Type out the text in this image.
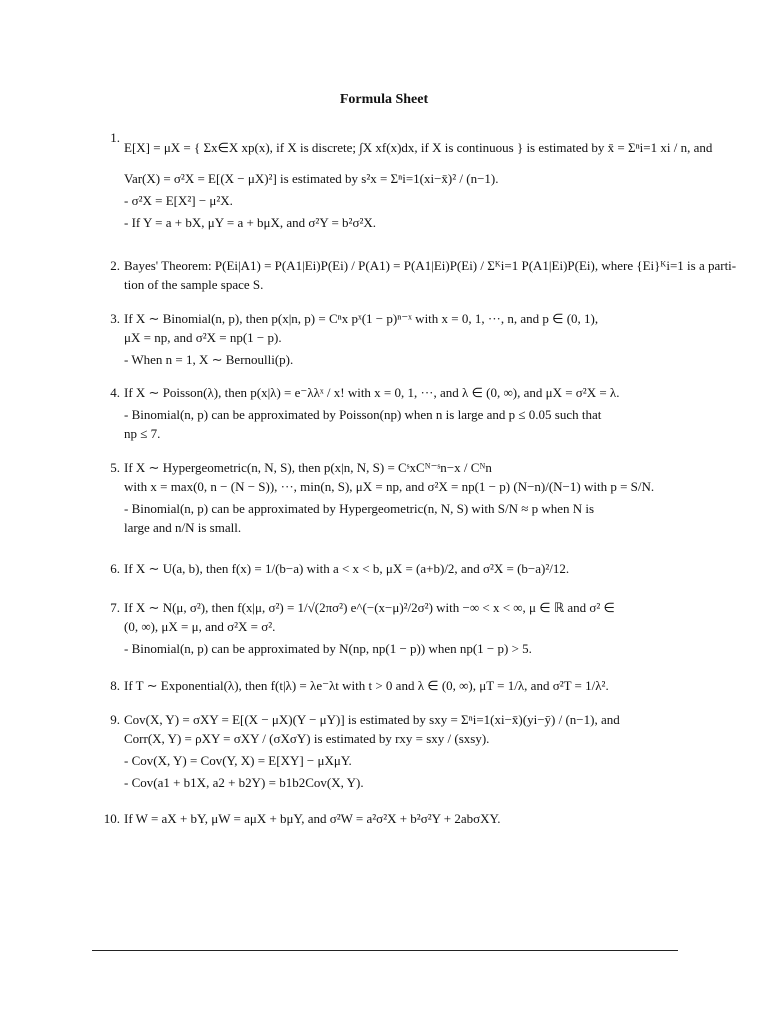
Formula Sheet
1.
E[X] = μX = { Σx∈X xp(x), if X is discrete; ∫X xf(x)dx, if X is continuous } is estimated by x̄ = Σⁿi=1 xi / n, and
Var(X) = σ²X = E[(X − μX)²] is estimated by s²x = Σⁿi=1(xi−x̄)² / (n−1).
- σ²X = E[X²] − μ²X.
- If Y = a + bX, μY = a + bμX, and σ²Y = b²σ²X.
2. Bayes' Theorem: P(Ei|A1) = P(A1|Ei)P(Ei) / P(A1) = P(A1|Ei)P(Ei) / Σᴷi=1 P(A1|Ei)P(Ei), where {Ei}ᴷi=1 is a parti-
tion of the sample space S.
3. If X ∼ Binomial(n, p), then p(x|n, p) = Cⁿx pˣ(1 − p)ⁿ⁻ˣ with x = 0, 1, ···, n, and p ∈ (0, 1),
μX = np, and σ²X = np(1 − p).
- When n = 1, X ∼ Bernoulli(p).
4. If X ∼ Poisson(λ), then p(x|λ) = e⁻λλˣ / x! with x = 0, 1, ···, and λ ∈ (0, ∞), and μX = σ²X = λ.
- Binomial(n, p) can be approximated by Poisson(np) when n is large and p ≤ 0.05 such that
np ≤ 7.
5. If X ∼ Hypergeometric(n, N, S), then p(x|n, N, S) = CˢxCᴺ⁻ˢn−x / Cᴺn
with x = max(0, n − (N − S)), ···, min(n, S), μX = np, and σ²X = np(1 − p) (N−n)/(N−1) with p = S/N.
- Binomial(n, p) can be approximated by Hypergeometric(n, N, S) with S/N ≈ p when N is
large and n/N is small.
6. If X ∼ U(a, b), then f(x) = 1/(b−a) with a < x < b, μX = (a+b)/2, and σ²X = (b−a)²/12.
7. If X ∼ N(μ, σ²), then f(x|μ, σ²) = 1/√(2πσ²) e^(−(x−μ)²/2σ²) with −∞ < x < ∞, μ ∈ ℝ and σ² ∈
(0, ∞), μX = μ, and σ²X = σ².
- Binomial(n, p) can be approximated by N(np, np(1 − p)) when np(1 − p) > 5.
8. If T ∼ Exponential(λ), then f(t|λ) = λe⁻λt with t > 0 and λ ∈ (0, ∞), μT = 1/λ, and σ²T = 1/λ².
9. Cov(X, Y) = σXY = E[(X − μX)(Y − μY)] is estimated by sxy = Σⁿi=1(xi−x̄)(yi−ȳ) / (n−1), and
Corr(X, Y) = ρXY = σXY / (σXσY) is estimated by rxy = sxy / (sxsy).
- Cov(X, Y) = Cov(Y, X) = E[XY] − μXμY.
- Cov(a1 + b1X, a2 + b2Y) = b1b2Cov(X, Y).
10. If W = aX + bY, μW = aμX + bμY, and σ²W = a²σ²X + b²σ²Y + 2abσXY.
